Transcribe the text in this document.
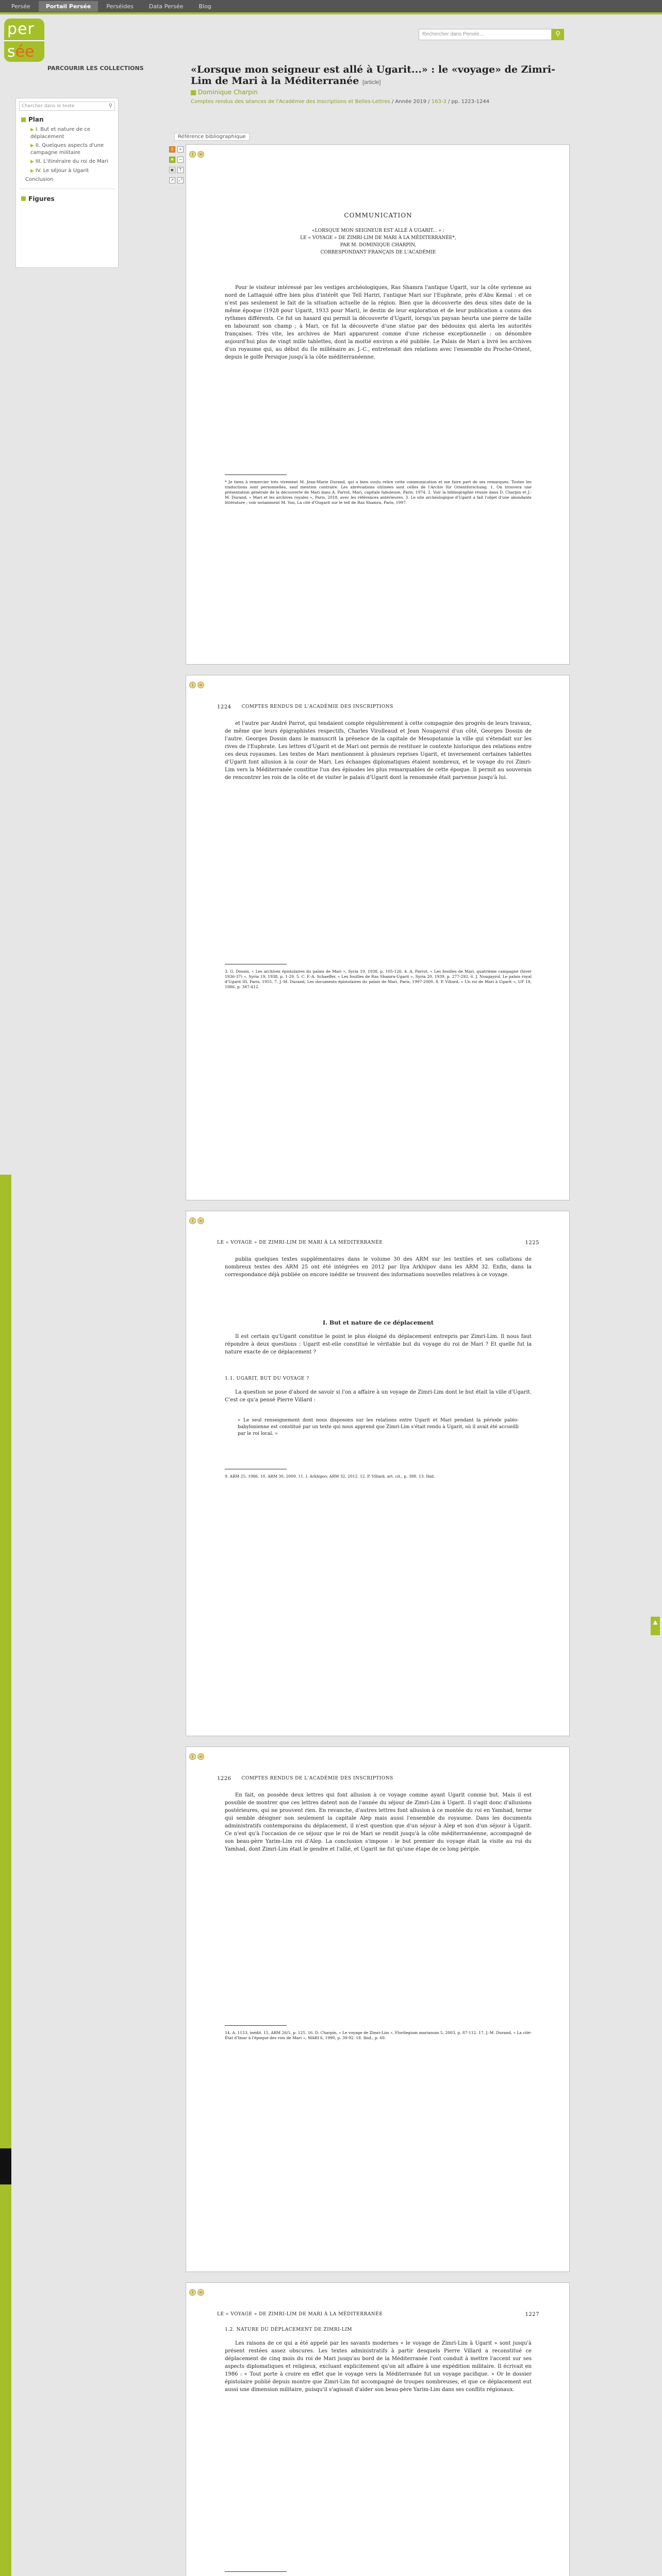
Persée	Portail Persée	Perséides	Data Persée	Blog
per
sée
PARCOURIR LES COLLECTIONS
Rechercher dans Persée...	⚲
Chercher dans le texte	⚲
Plan
▶ I. But et nature de ce déplacement
▶ II. Quelques aspects d'une campagne militaire
▶ III. L'itinéraire du roi de Mari
▶ IV. Le séjour à Ugarit
Conclusion
Figures
«Lorsque mon seigneur est allé à Ugarit...» : le «voyage» de Zimri-Lim de Mari à la Méditerranée [article]
Dominique Charpin
Comptes rendus des séances de l'Académie des Inscriptions et Belles-Lettres / Année 2019 / 163-3 / pp. 1223-1244
Référence bibliographique
⇩	+
★	−
▣	T
↗	⤢
i ∞
COMMUNICATION
«LORSQUE MON SEIGNEUR EST ALLÉ À UGARIT... » :
LE « VOYAGE » DE ZIMRI-LIM DE MARI À LA MÉDITERRANÉE*,
PAR M. DOMINIQUE CHARPIN,
CORRESPONDANT FRANÇAIS DE L'ACADÉMIE
Pour le visiteur intéressé par les vestiges archéologiques, Ras Shamra l'antique Ugarit, sur la côte syrienne au nord de Lattaquié offre bien plus d'intérêt que Tell Hariri, l'antique Mari sur l'Euphrate, près d'Abu Kemal : et ce n'est pas seulement le fait de la situation actuelle de la région. Bien que la découverte des deux sites date de la même époque (1928 pour Ugarit, 1933 pour Mari), le destin de leur exploration et de leur publication a connu des rythmes différents. Ce fut un hasard qui permit la découverte d'Ugarit, lorsqu'un paysan heurta une pierre de taille en labourant son champ ; à Mari, ce fut la découverte d'une statue par des bédouins qui alerta les autorités françaises. Très vite, les archives de Mari apparurent comme d'une richesse exceptionnelle : on dénombre aujourd'hui plus de vingt mille tablettes, dont la moitié environ a été publiée. Le Palais de Mari a livré les archives d'un royaume qui, au début du IIe millénaire av. J.-C., entretenait des relations avec l'ensemble du Proche-Orient, depuis le golfe Persique jusqu'à la côte méditerranéenne.
* Je tiens à remercier très vivement M. Jean-Marie Durand, qui a bien voulu relire cette communication et me faire part de ses remarques. Toutes les traductions sont personnelles, sauf mention contraire. Les abréviations utilisées sont celles de l'Archiv für Orientforschung. 1. On trouvera une présentation générale de la découverte de Mari dans A. Parrot, Mari, capitale fabuleuse, Paris, 1974. 2. Voir la bibliographie réunie dans D. Charpin et J.-M. Durand, « Mari et les archives royales », Paris, 2018, avec les références antérieures. 3. Le site archéologique d'Ugarit a fait l'objet d'une abondante littérature ; voir notamment M. Yon, La cité d'Ougarit sur le tell de Ras Shamra, Paris, 1997.
i ∞
1224 COMPTES RENDUS DE L'ACADÉMIE DES INSCRIPTIONS
et l'autre par André Parrot, qui tendaient compte régulièrement à cette compagnie des progrès de leurs travaux, de même que leurs épigraphistes respectifs, Charles Virolleaud et Jean Nougayrol d'un côté, Georges Dossin de l'autre. Georges Dossin dans le manuscrit la présence de la capitale de Mesopotamie la ville qui s'étendait sur les rives de l'Euphrate. Les lettres d'Ugarit et de Mari ont permis de restituer le contexte historique des relations entre ces deux royaumes. Les textes de Mari mentionnent à plusieurs reprises Ugarit, et inversement certaines tablettes d'Ugarit font allusion à la cour de Mari. Les échanges diplomatiques étaient nombreux, et le voyage du roi Zimri-Lim vers la Méditerranée constitue l'un des épisodes les plus remarquables de cette époque. Il permit au souverain de rencontrer les rois de la côte et de visiter le palais d'Ugarit dont la renommée était parvenue jusqu'à lui.
3. G. Dossin, « Les archives épistolaires du palais de Mari », Syria 19, 1938, p. 105-126. 4. A. Parrot, « Les fouilles de Mari, quatrième campagne (hiver 1936-37) », Syria 19, 1938, p. 1-29. 5. C. F.-A. Schaeffer, « Les fouilles de Ras Shamra-Ugarit », Syria 20, 1939, p. 277-292. 6. J. Nougayrol, Le palais royal d'Ugarit III, Paris, 1955. 7. J.-M. Durand, Les documents épistolaires du palais de Mari, Paris, 1997-2000. 8. P. Villard, « Un roi de Mari à Ugarit », UF 18, 1986, p. 387-412.
i ∞
LE « VOYAGE » DE ZIMRI-LIM DE MARI À LA MÉDITERRANÉE	1225
publia quelques textes supplémentaires dans le volume 30 des ARM sur les textiles et ses collations de nombreux textes des ARM 25 ont été intégrées en 2012 par Ilya Arkhipov dans les ARM 32. Enfin, dans la correspondance déjà publiée on encore inédite se trouvent des informations nouvelles relatives à ce voyage.
I. But et nature de ce déplacement
Il est certain qu'Ugarit constitue le point le plus éloigné du déplacement entrepris par Zimri-Lim. Il nous faut répondre à deux questions : Ugarit est-elle constitué le véritable but du voyage du roi de Mari ? Et quelle fut la nature exacte de ce déplacement ?
1.1. UGARIT, BUT DU VOYAGE ?
La question se pose d'abord de savoir si l'on a affaire à un voyage de Zimri-Lim dont le but était la ville d'Ugarit. C'est ce qu'a pensé Pierre Villard :
« Le seul renseignement dont nous disposons sur les relations entre Ugarit et Mari pendant la période paléo-babylonienne est constitué par un texte qui nous apprend que Zimri-Lim s'était rendu à Ugarit, où il avait été accueilli par le roi local. »
9. ARM 25, 1986. 10. ARM 30, 2009. 11. I. Arkhipov, ARM 32, 2012. 12. P. Villard, art. cit., p. 388. 13. Ibid.
i ∞
1226 COMPTES RENDUS DE L'ACADÉMIE DES INSCRIPTIONS
En fait, on possède deux lettres qui font allusion à ce voyage comme ayant Ugarit comme but. Mais il est possible de montrer que ces lettres datent non de l'année du séjour de Zimri-Lim à Ugarit. Il s'agit donc d'allusions postérieures, qui ne prouvent rien. En revanche, d'autres lettres font allusion à ce montée du roi en Yamhad, terme qui semble désigner non seulement la capitale Alep mais aussi l'ensemble du royaume. Dans les documents administratifs contemporains du déplacement, il n'est question que d'un séjour à Alep et non d'un séjour à Ugarit. Ce n'est qu'à l'occasion de ce séjour que le roi de Mari se rendit jusqu'à la côte méditerranéenne, accompagné de son beau-père Yarim-Lim roi d'Alep. La conclusion s'impose : le but premier du voyage était la visite au roi du Yamhad, dont Zimri-Lim était le gendre et l'allié, et Ugarit ne fut qu'une étape de ce long périple.
14. A. 1153, inédit. 15. ARM 26/1, p. 125. 16. D. Charpin, « Le voyage de Zimri-Lim », Florilegium marianum 5, 2003, p. 87-112. 17. J.-M. Durand, « La cité-État d'Imar à l'époque des rois de Mari », MARI 6, 1990, p. 39-92. 18. Ibid., p. 60.
i ∞
LE « VOYAGE » DE ZIMRI-LIM DE MARI À LA MÉDITERRANÉE	1227
1.2. NATURE DU DÉPLACEMENT DE ZIMRI-LIM
Les raisons de ce qui a été appelé par les savants modernes « le voyage de Zimri-Lim à Ugarit » sont jusqu'à présent restées assez obscures. Les textes administratifs à partir desquels Pierre Villard a reconstitué ce déplacement de cinq mois du roi de Mari jusqu'au bord de la Méditerranée l'ont conduit à mettre l'accent sur ses aspects diplomatiques et religieux, excluant explicitement qu'on ait affaire à une expédition militaire. Il écrivait en 1986 : « Tout porte à croire en effet que le voyage vers la Méditerranée fut un voyage pacifique. » Or le dossier épistolaire publié depuis montre que Zimri-Lim fut accompagné de troupes nombreuses, et que ce déplacement eut aussi une dimension militaire, puisqu'il s'agissait d'aider son beau-père Yarim-Lim dans ses conflits régionaux.
▲
